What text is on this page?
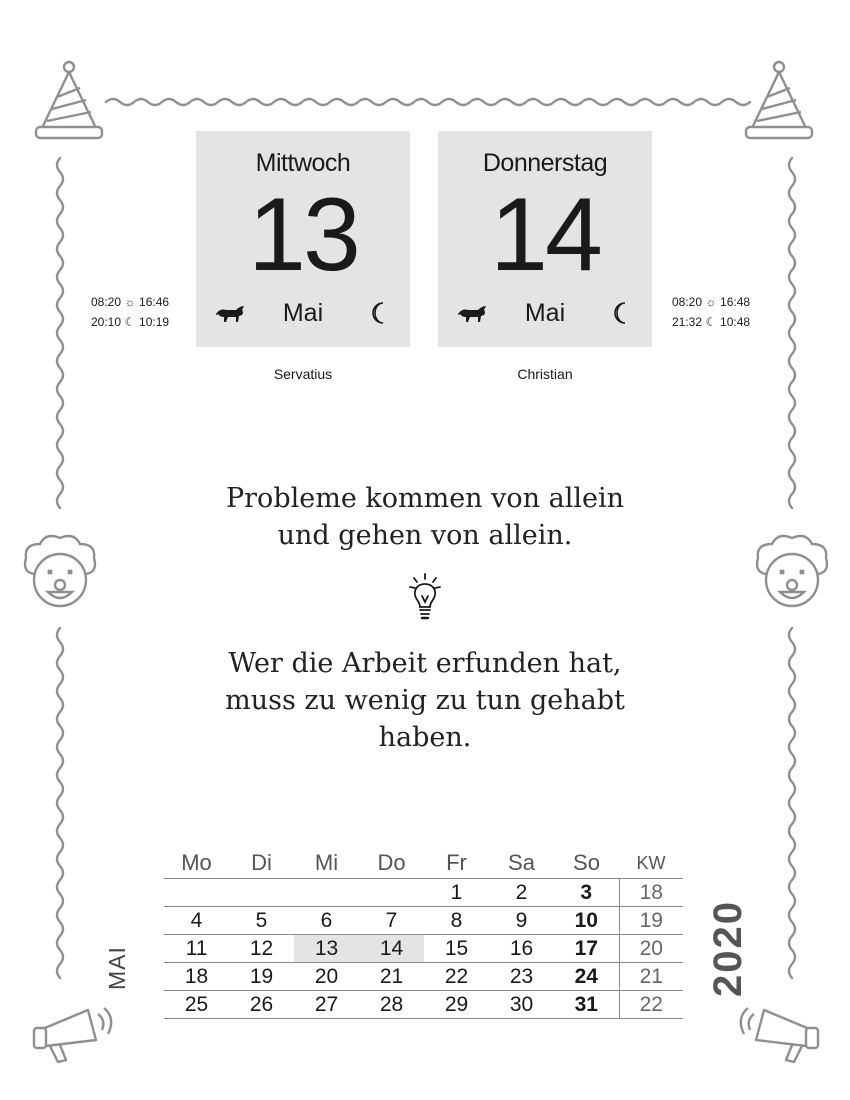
08:20 ☼ 16:46
20:10 ☾ 10:19
Mittwoch
13
Mai
Donnerstag
14
Mai	08:20 ☼ 16:48
21:32 ☾ 10:48
Servatius	Christian
Probleme kommen von allein
und gehen von allein.
Wer die Arbeit erfunden hat,
muss zu wenig zu tun gehabt
haben.
MAI	2020
Mo	Di	Mi	Do	Fr	Sa	So	KW
				1	2	3	18
4	5	6	7	8	9	10	19
11	12	13	14	15	16	17	20
18	19	20	21	22	23	24	21
25	26	27	28	29	30	31	22
